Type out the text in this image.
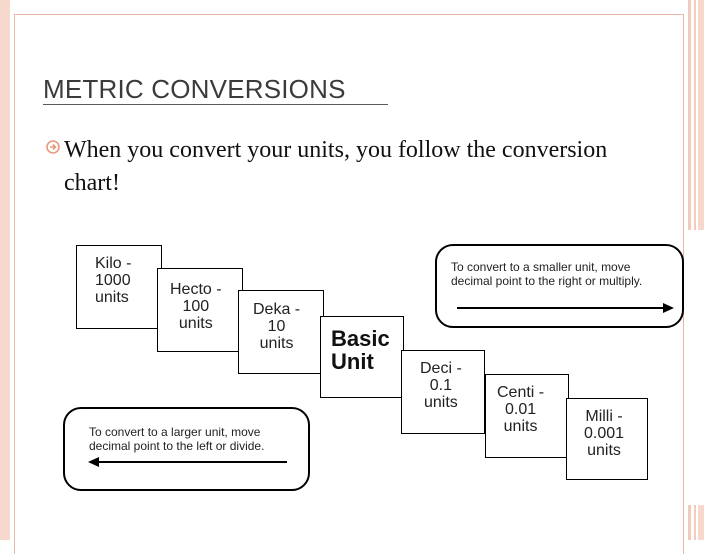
METRIC CONVERSIONS
When you convert your units, you follow the conversion chart!
Kilo -
1000
units	Hecto -
100
units
Deka -
10
units	Basic
Unit	Deci -
0.1
units
Centi -
0.01
units
Milli -
0.001
units
To convert to a smaller unit, move
decimal point to the right or multiply.
To convert to a larger unit, move
decimal point to the left or divide.
